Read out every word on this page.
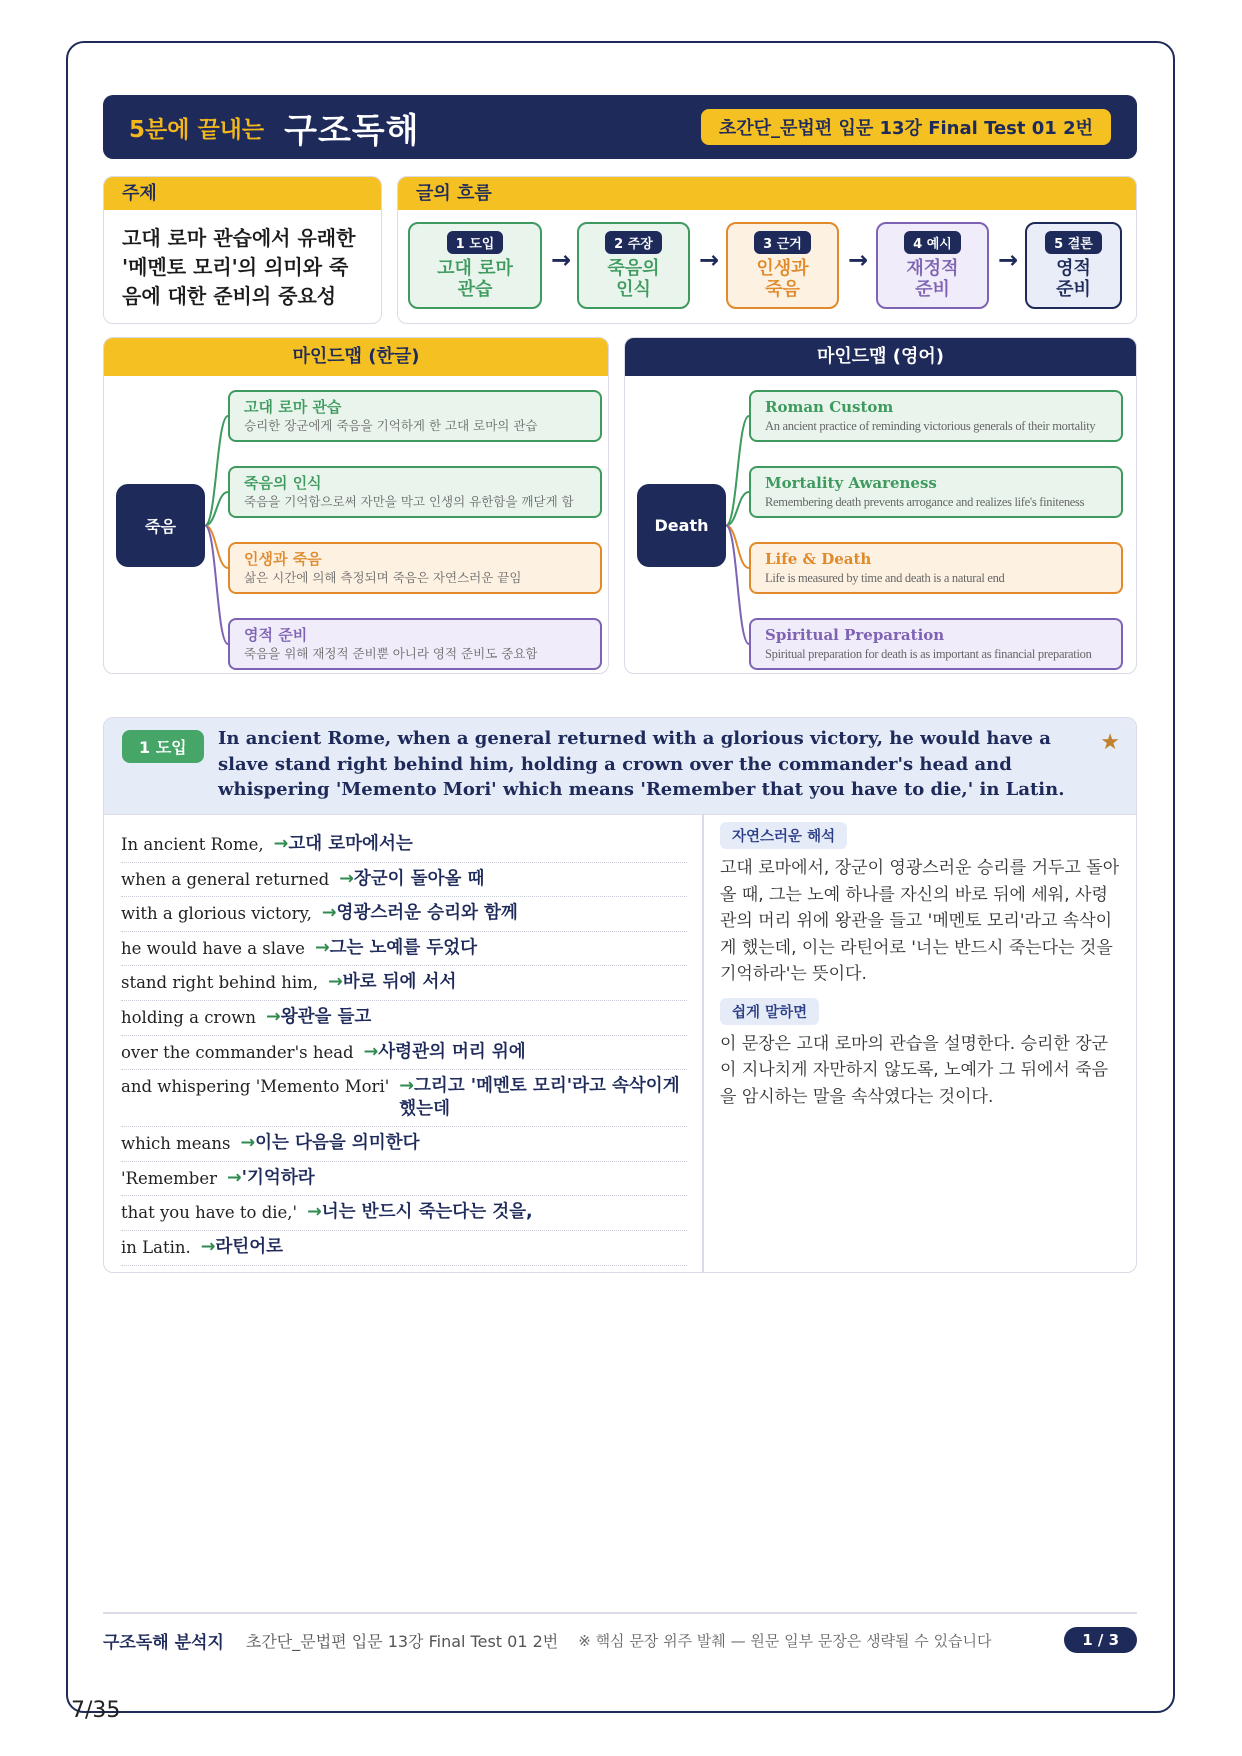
5분에 끝내는 구조독해	초간단_문법편 입문 13강 Final Test 01 2번
주제
고대 로마 관습에서 유래한 '메멘토 모리'의 의미와 죽음에 대한 준비의 중요성
글의 흐름
1 도입
고대 로마
관습
→
2 주장
죽음의
인식
→
3 근거
인생과
죽음
→
4 예시
재정적
준비
→
5 결론
영적
준비
마인드맵 (한글)
죽음
고대 로마 관습
승리한 장군에게 죽음을 기억하게 한 고대 로마의 관습
죽음의 인식
죽음을 기억함으로써 자만을 막고 인생의 유한함을 깨닫게 함
인생과 죽음
삶은 시간에 의해 측정되며 죽음은 자연스러운 끝임
영적 준비
죽음을 위해 재정적 준비뿐 아니라 영적 준비도 중요함
마인드맵 (영어)
Death
Roman Custom
An ancient practice of reminding victorious generals of their mortality
Mortality Awareness
Remembering death prevents arrogance and realizes life's finiteness
Life & Death
Life is measured by time and death is a natural end
Spiritual Preparation
Spiritual preparation for death is as important as financial preparation
1 도입	In ancient Rome, when a general returned with a glorious victory, he would have a slave stand right behind him, holding a crown over the commander's head and whispering 'Memento Mori' which means 'Remember that you have to die,' in Latin.
★
In ancient Rome, →고대 로마에서는
when a general returned →장군이 돌아올 때
with a glorious victory, →영광스러운 승리와 함께
he would have a slave →그는 노예를 두었다
stand right behind him, →바로 뒤에 서서
holding a crown →왕관을 들고
over the commander's head →사령관의 머리 위에
and whispering 'Memento Mori' →그리고 '메멘토 모리'라고 속삭이게 했는데
which means →이는 다음을 의미한다
'Remember →'기억하라
that you have to die,' →너는 반드시 죽는다는 것을,
in Latin. →라틴어로
자연스러운 해석
고대 로마에서, 장군이 영광스러운 승리를 거두고 돌아올 때, 그는 노예 하나를 자신의 바로 뒤에 세워, 사령관의 머리 위에 왕관을 들고 '메멘토 모리'라고 속삭이게 했는데, 이는 라틴어로 '너는 반드시 죽는다는 것을 기억하라'는 뜻이다.
쉽게 말하면
이 문장은 고대 로마의 관습을 설명한다. 승리한 장군이 지나치게 자만하지 않도록, 노예가 그 뒤에서 죽음을 암시하는 말을 속삭였다는 것이다.
구조독해 분석지 초간단_문법편 입문 13강 Final Test 01 2번 ※ 핵심 문장 위주 발췌 — 원문 일부 문장은 생략될 수 있습니다	1 / 3
7/35
